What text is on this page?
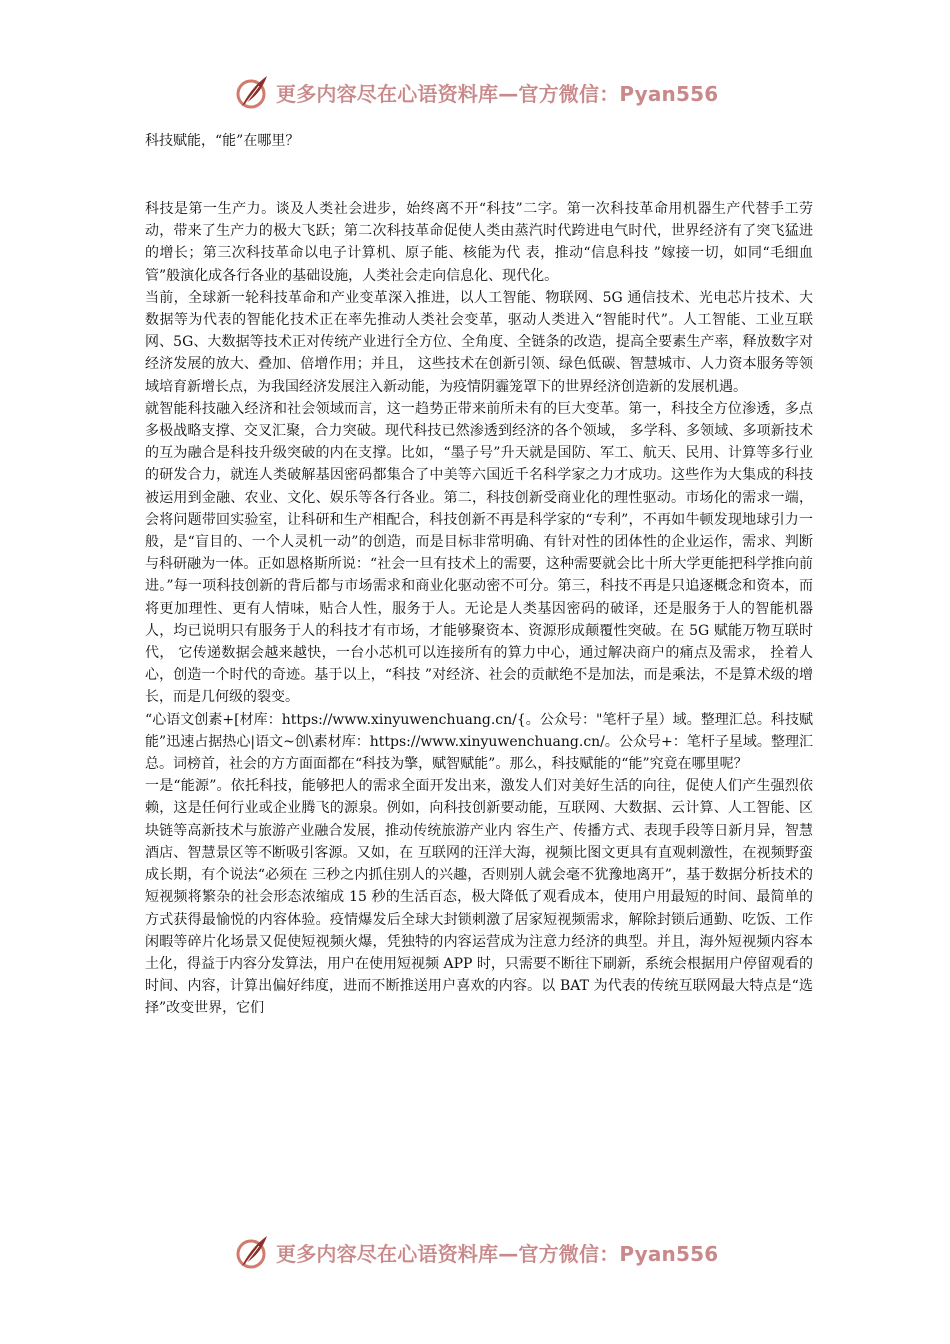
更多内容尽在心语资料库—官方微信：Pyan556
科技赋能，“能”在哪里？

科技是第一生产力。谈及人类社会进步，始终离不开“科技”二字。第一次科技革命用机器生产代替手工劳动，带来了生产力的极大飞跃；第二次科技革命促使人类由蒸汽时代跨进电气时代，世界经济有了突飞猛进的增长；第三次科技革命以电子计算机、原子能、核能为代 表，推动“信息科技 ”嫁接一切，如同“毛细血管”般演化成各行各业的基础设施，人类社会走向信息化、现代化。

当前，全球新一轮科技革命和产业变革深入推进，以人工智能、物联网、5G 通信技术、光电芯片技术、大数据等为代表的智能化技术正在率先推动人类社会变革，驱动人类进入“智能时代”。人工智能、工业互联网、5G、大数据等技术正对传统产业进行全方位、全角度、全链条的改造，提高全要素生产率，释放数字对经济发展的放大、叠加、倍增作用；并且， 这些技术在创新引领、绿色低碳、智慧城市、人力资本服务等领域培育新增长点，为我国经济发展注入新动能，为疫情阴霾笼罩下的世界经济创造新的发展机遇。

就智能科技融入经济和社会领域而言，这一趋势正带来前所未有的巨大变革。第一，科技全方位渗透，多点多极战略支撑、交叉汇聚，合力突破。现代科技已然渗透到经济的各个领域， 多学科、多领域、多项新技术的互为融合是科技升级突破的内在支撑。比如，“墨子号”升天就是国防、军工、航天、民用、计算等多行业的研发合力，就连人类破解基因密码都集合了中美等六国近千名科学家之力才成功。这些作为大集成的科技被运用到金融、农业、文化、娱乐等各行各业。第二，科技创新受商业化的理性驱动。市场化的需求一端，会将问题带回实验室，让科研和生产相配合，科技创新不再是科学家的“专利”，不再如牛顿发现地球引力一般，是“盲目的、一个人灵机一动”的创造，而是目标非常明确、有针对性的团体性的企业运作，需求、判断与科研融为一体。正如恩格斯所说：“社会一旦有技术上的需要，这种需要就会比十所大学更能把科学推向前进。”每一项科技创新的背后都与市场需求和商业化驱动密不可分。第三，科技不再是只追逐概念和资本，而将更加理性、更有人情味，贴合人性，服务于人。无论是人类基因密码的破译，还是服务于人的智能机器人，均已说明只有服务于人的科技才有市场，才能够聚资本、资源形成颠覆性突破。在 5G 赋能万物互联时代， 它传递数据会越来越快，一台小芯机可以连接所有的算力中心，通过解决商户的痛点及需求， 拴着人心，创造一个时代的奇迹。基于以上，“科技 ”对经济、社会的贡献绝不是加法，而是乘法，不是算术级的增长，而是几何级的裂变。

“心语文创素+[材库：https://www.xinyuwenchuang.cn/{。公众号："笔杆子星）域。整理汇总。科技赋能”迅速占据热心|语文~创\素材库：https://www.xinyuwenchuang.cn/。公众号+：笔杆子星域。整理汇总。词榜首，社会的方方面面都在“科技为擎，赋智赋能”。那么，科技赋能的“能”究竟在哪里呢？

一是“能源”。依托科技，能够把人的需求全面开发出来，激发人们对美好生活的向往，促使人们产生强烈依赖，这是任何行业或企业腾飞的源泉。例如，向科技创新要动能，互联网、大数据、云计算、人工智能、区块链等高新技术与旅游产业融合发展，推动传统旅游产业内 容生产、传播方式、表现手段等日新月异，智慧酒店、智慧景区等不断吸引客源。又如，在 互联网的汪洋大海，视频比图文更具有直观刺激性，在视频野蛮成长期，有个说法“必须在 三秒之内抓住别人的兴趣，否则别人就会毫不犹豫地离开”，基于数据分析技术的短视频将繁杂的社会形态浓缩成 15 秒的生活百态，极大降低了观看成本，使用户用最短的时间、最简单的方式获得最愉悦的内容体验。疫情爆发后全球大封锁刺激了居家短视频需求，解除封锁后通勤、吃饭、工作闲暇等碎片化场景又促使短视频火爆，凭独特的内容运营成为注意力经济的典型。并且，海外短视频内容本土化，得益于内容分发算法，用户在使用短视频 APP 时，只需要不断往下刷新，系统会根据用户停留观看的时间、内容，计算出偏好纬度，进而不断推送用户喜欢的内容。以 BAT 为代表的传统互联网最大特点是“选择”改变世界，它们

更多内容尽在心语资料库—官方微信：Pyan556
